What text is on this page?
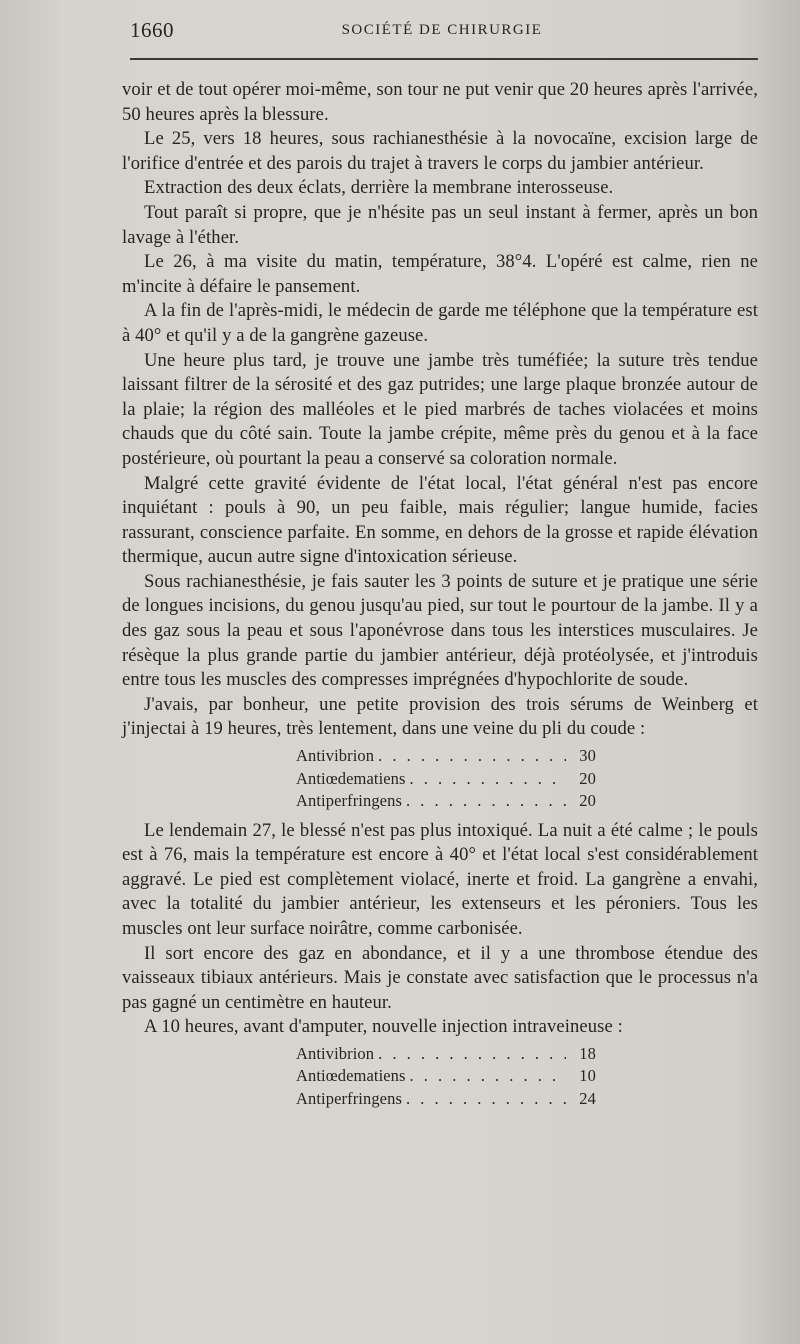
1660	SOCIÉTÉ DE CHIRURGIE

voir et de tout opérer moi-même, son tour ne put venir que 20 heures après l'arrivée, 50 heures après la blessure.

Le 25, vers 18 heures, sous rachianesthésie à la novocaïne, excision large de l'orifice d'entrée et des parois du trajet à travers le corps du jambier antérieur.

Extraction des deux éclats, derrière la membrane interosseuse.

Tout paraît si propre, que je n'hésite pas un seul instant à fermer, après un bon lavage à l'éther.

Le 26, à ma visite du matin, température, 38°4. L'opéré est calme, rien ne m'incite à défaire le pansement.

A la fin de l'après-midi, le médecin de garde me téléphone que la température est à 40° et qu'il y a de la gangrène gazeuse.

Une heure plus tard, je trouve une jambe très tuméfiée; la suture très tendue laissant filtrer de la sérosité et des gaz putrides; une large plaque bronzée autour de la plaie; la région des malléoles et le pied marbrés de taches violacées et moins chauds que du côté sain. Toute la jambe crépite, même près du genou et à la face postérieure, où pourtant la peau a conservé sa coloration normale.

Malgré cette gravité évidente de l'état local, l'état général n'est pas encore inquiétant : pouls à 90, un peu faible, mais régulier; langue humide, facies rassurant, conscience parfaite. En somme, en dehors de la grosse et rapide élévation thermique, aucun autre signe d'intoxication sérieuse.

Sous rachianesthésie, je fais sauter les 3 points de suture et je pratique une série de longues incisions, du genou jusqu'au pied, sur tout le pourtour de la jambe. Il y a des gaz sous la peau et sous l'aponévrose dans tous les interstices musculaires. Je résèque la plus grande partie du jambier antérieur, déjà protéolysée, et j'introduis entre tous les muscles des compresses imprégnées d'hypochlorite de soude.

J'avais, par bonheur, une petite provision des trois sérums de Weinberg et j'injectai à 19 heures, très lentement, dans une veine du pli du coude :

Antivibrion . . .	30
Antiœdematiens . . .	20
Antiperfringens . . .	20

Le lendemain 27, le blessé n'est pas plus intoxiqué. La nuit a été calme ; le pouls est à 76, mais la température est encore à 40° et l'état local s'est considérablement aggravé. Le pied est complètement violacé, inerte et froid. La gangrène a envahi, avec la totalité du jambier antérieur, les extenseurs et les péroniers. Tous les muscles ont leur surface noirâtre, comme carbonisée.

Il sort encore des gaz en abondance, et il y a une thrombose étendue des vaisseaux tibiaux antérieurs. Mais je constate avec satisfaction que le processus n'a pas gagné un centimètre en hauteur.

A 10 heures, avant d'amputer, nouvelle injection intraveineuse :

Antivibrion . . .	18
Antiœdematiens . . .	10
Antiperfringens . . .	24
